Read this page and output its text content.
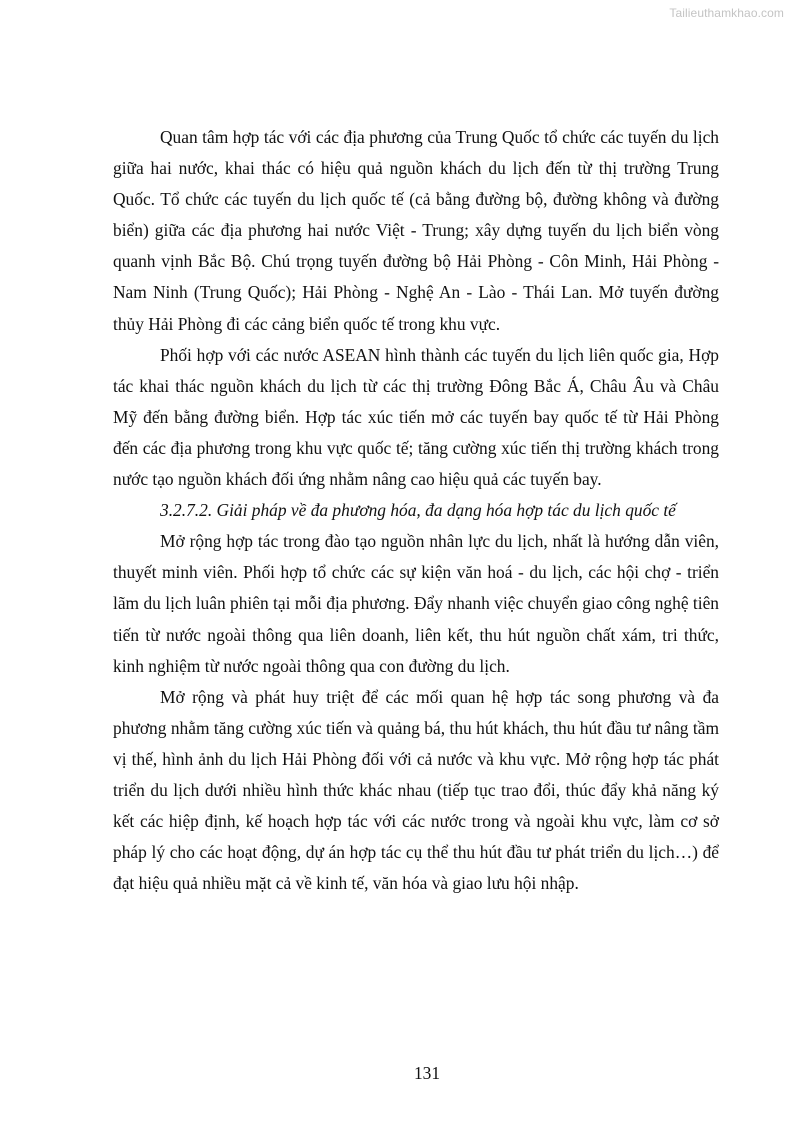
Tailieuthamkhao.com

Quan tâm hợp tác với các địa phương của Trung Quốc tổ chức các tuyến du lịch giữa hai nước, khai thác có hiệu quả nguồn khách du lịch đến từ thị trường Trung Quốc. Tổ chức các tuyến du lịch quốc tế (cả bằng đường bộ, đường không và đường biển) giữa các địa phương hai nước Việt - Trung; xây dựng tuyến du lịch biển vòng quanh vịnh Bắc Bộ. Chú trọng tuyến đường bộ Hải Phòng - Côn Minh, Hải Phòng - Nam Ninh (Trung Quốc); Hải Phòng - Nghệ An - Lào - Thái Lan. Mở tuyến đường thủy Hải Phòng đi các cảng biển quốc tế trong khu vực.

Phối hợp với các nước ASEAN hình thành các tuyến du lịch liên quốc gia, Hợp tác khai thác nguồn khách du lịch từ các thị trường Đông Bắc Á, Châu Âu và Châu Mỹ đến bằng đường biển. Hợp tác xúc tiến mở các tuyến bay quốc tế từ Hải Phòng đến các địa phương trong khu vực quốc tế; tăng cường xúc tiến thị trường khách trong nước tạo nguồn khách đối ứng nhằm nâng cao hiệu quả các tuyến bay.

3.2.7.2. Giải pháp về đa phương hóa, đa dạng hóa hợp tác du lịch quốc tế

Mở rộng hợp tác trong đào tạo nguồn nhân lực du lịch, nhất là hướng dẫn viên, thuyết minh viên. Phối hợp tổ chức các sự kiện văn hoá - du lịch, các hội chợ - triển lãm du lịch luân phiên tại mỗi địa phương. Đẩy nhanh việc chuyển giao công nghệ tiên tiến từ nước ngoài thông qua liên doanh, liên kết, thu hút nguồn chất xám, tri thức, kinh nghiệm từ nước ngoài thông qua con đường du lịch.

Mở rộng và phát huy triệt để các mối quan hệ hợp tác song phương và đa phương nhằm tăng cường xúc tiến và quảng bá, thu hút khách, thu hút đầu tư nâng tầm vị thế, hình ảnh du lịch Hải Phòng đối với cả nước và khu vực. Mở rộng hợp tác phát triển du lịch dưới nhiều hình thức khác nhau (tiếp tục trao đổi, thúc đẩy khả năng ký kết các hiệp định, kế hoạch hợp tác với các nước trong và ngoài khu vực, làm cơ sở pháp lý cho các hoạt động, dự án hợp tác cụ thể thu hút đầu tư phát triển du lịch…) để đạt hiệu quả nhiều mặt cả về kinh tế, văn hóa và giao lưu hội nhập.

131
